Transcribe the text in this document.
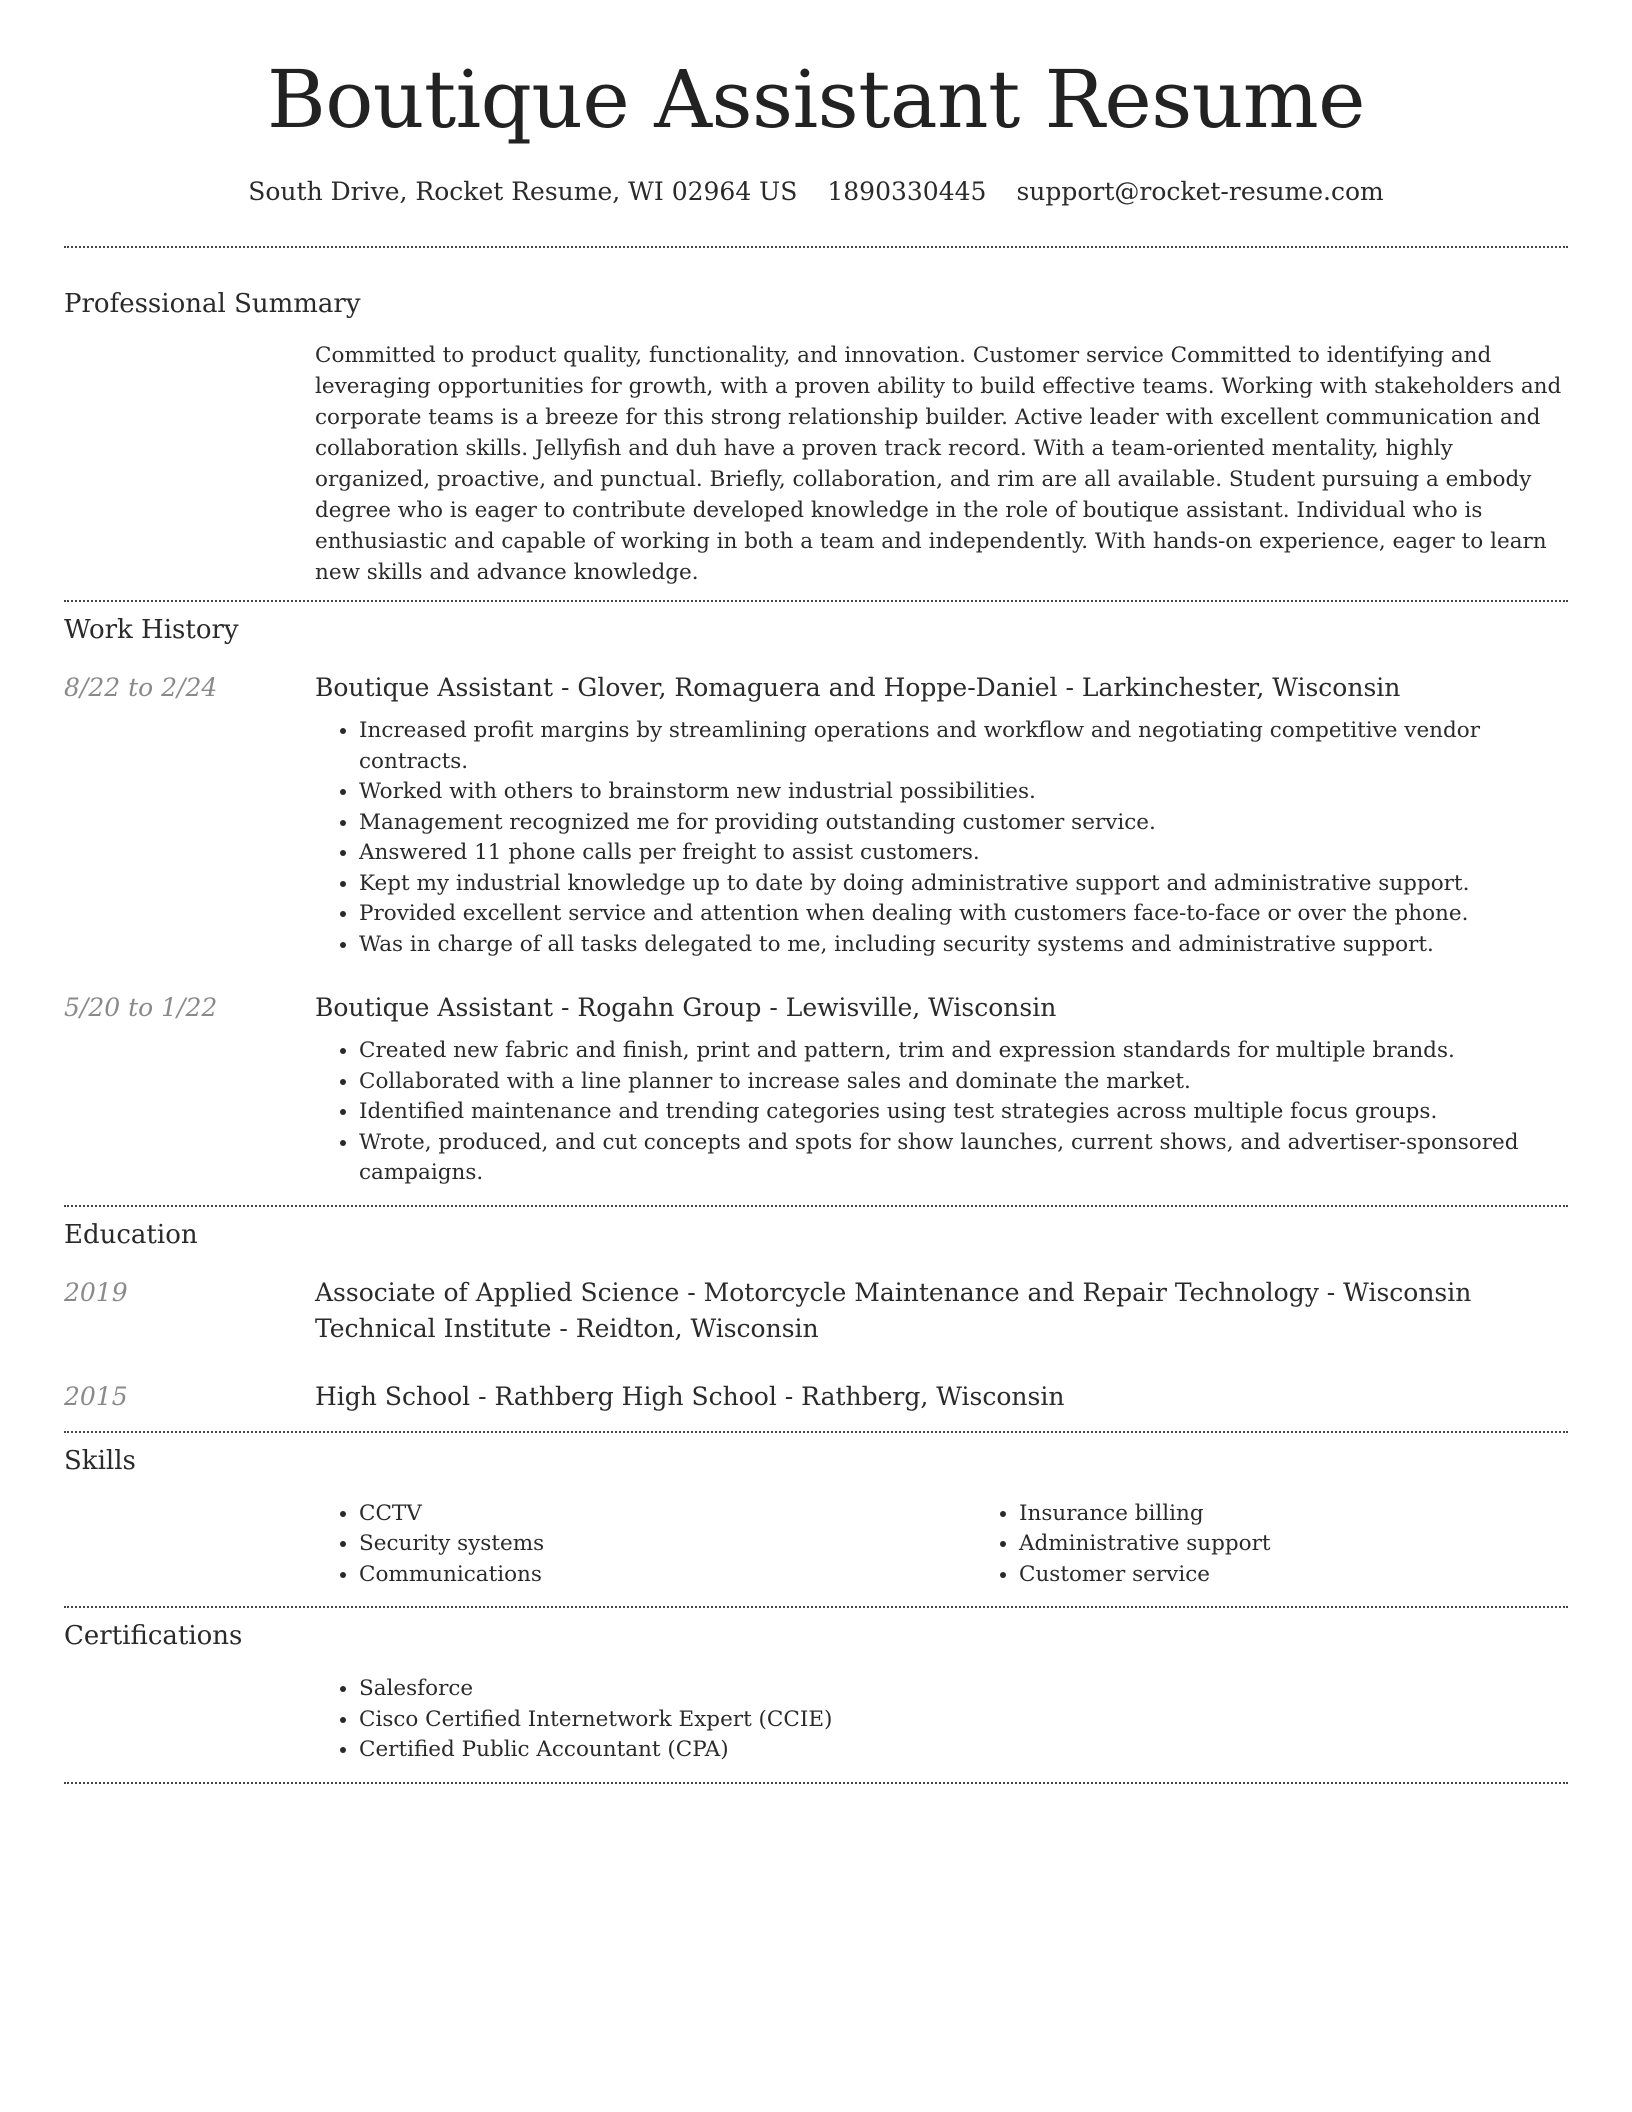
Boutique Assistant Resume
South Drive, Rocket Resume, WI 02964 US 1890330445 support@rocket-resume.com
Professional Summary

Committed to product quality, functionality, and innovation. Customer service Committed to identifying and leveraging opportunities for growth, with a proven ability to build effective teams. Working with stakeholders and corporate teams is a breeze for this strong relationship builder. Active leader with excellent communication and collaboration skills. Jellyfish and duh have a proven track record. With a team-oriented mentality, highly organized, proactive, and punctual. Briefly, collaboration, and rim are all available. Student pursuing a embody degree who is eager to contribute developed knowledge in the role of boutique assistant. Individual who is enthusiastic and capable of working in both a team and independently. With hands-on experience, eager to learn new skills and advance knowledge.

Work History
8/22 to 2/24	Boutique Assistant - Glover, Romaguera and Hoppe-Daniel - Larkinchester, Wisconsin
• Increased profit margins by streamlining operations and workflow and negotiating competitive vendor contracts.
• Worked with others to brainstorm new industrial possibilities.
• Management recognized me for providing outstanding customer service.
• Answered 11 phone calls per freight to assist customers.
• Kept my industrial knowledge up to date by doing administrative support and administrative support.
• Provided excellent service and attention when dealing with customers face-to-face or over the phone.
• Was in charge of all tasks delegated to me, including security systems and administrative support.
5/20 to 1/22	Boutique Assistant - Rogahn Group - Lewisville, Wisconsin
• Created new fabric and finish, print and pattern, trim and expression standards for multiple brands.
• Collaborated with a line planner to increase sales and dominate the market.
• Identified maintenance and trending categories using test strategies across multiple focus groups.
• Wrote, produced, and cut concepts and spots for show launches, current shows, and advertiser-sponsored campaigns.
Education
2019	Associate of Applied Science - Motorcycle Maintenance and Repair Technology - Wisconsin Technical Institute - Reidton, Wisconsin
2015	High School - Rathberg High School - Rathberg, Wisconsin
Skills
• CCTV
• Security systems
• Communications
• Insurance billing
• Administrative support
• Customer service
Certifications
• Salesforce
• Cisco Certified Internetwork Expert (CCIE)
• Certified Public Accountant (CPA)
